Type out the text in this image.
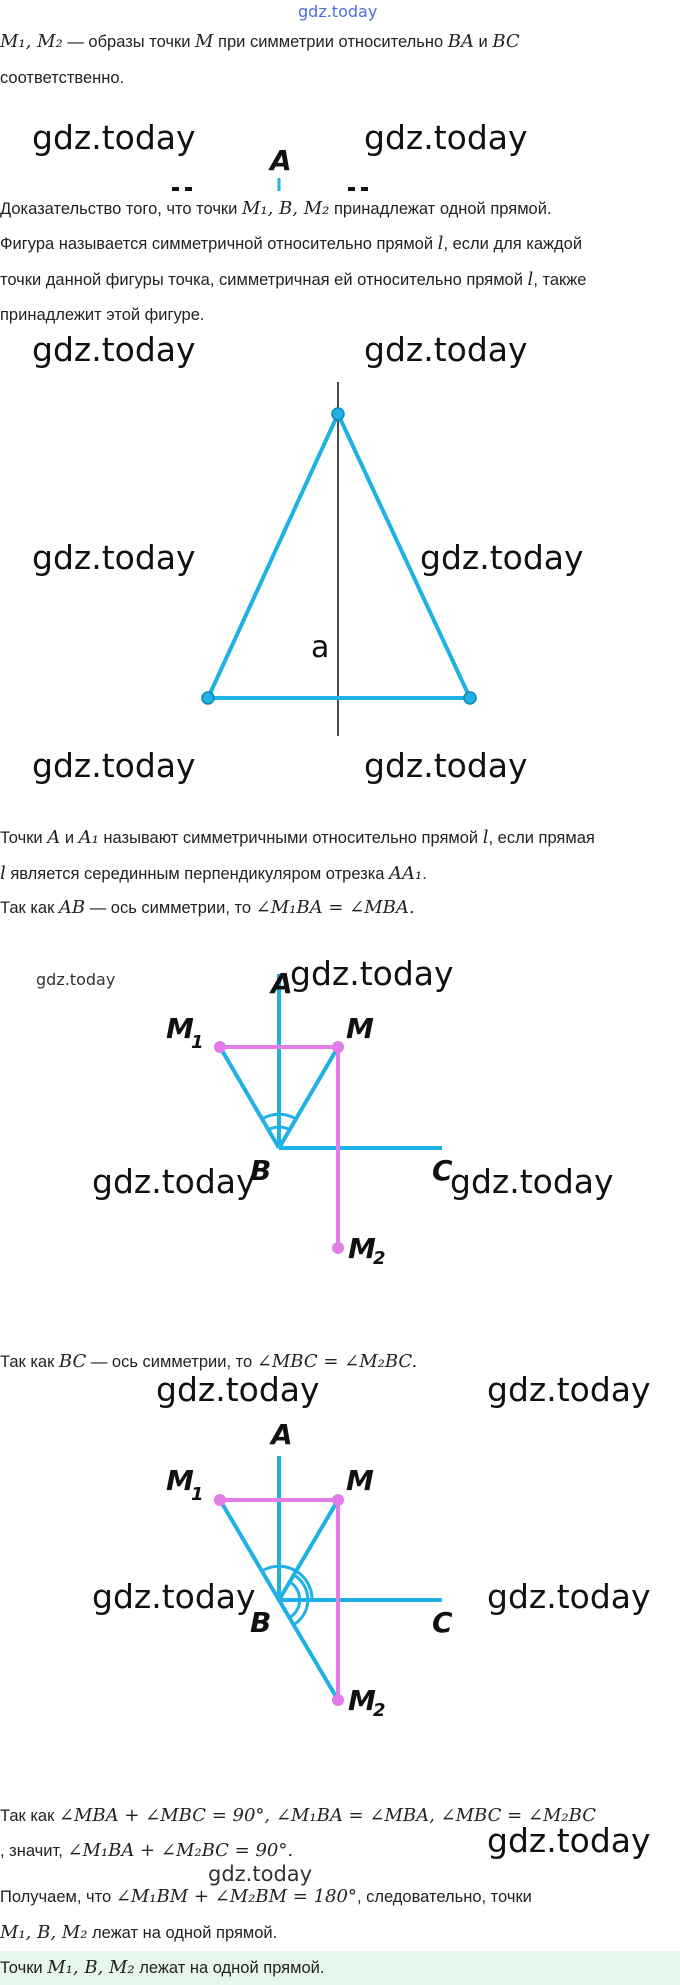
gdz.today
M₁, M₂ — образы точки M при симметрии относительно BA и BC
соответственно.
gdz.today	gdz.today
A
Доказательство того, что точки M₁, B, M₂ принадлежат одной прямой.
Фигура называется симметричной относительно прямой l, если для каждой
точки данной фигуры точка, симметричная ей относительно прямой l, также
принадлежит этой фигуре.
gdz.today	gdz.today
gdz.today	gdz.today
gdz.today	gdz.today
a
Точки A и A₁ называют симметричными относительно прямой l, если прямая
l является серединным перпендикуляром отрезка AA₁.
Так как AB — ось симметрии, то ∠M₁BA = ∠MBA.
gdz.today	gdz.today
gdz.today	gdz.today
A
M
1	M
B	C
M
2
Так как BC — ось симметрии, то ∠MBC = ∠M₂BC.
gdz.today	gdz.today
gdz.today	gdz.today
A
M
1	M
B	C
M
2
Так как ∠MBA + ∠MBC = 90°, ∠M₁BA = ∠MBA, ∠MBC = ∠M₂BC
, значит, ∠M₁BA + ∠M₂BC = 90°.	gdz.today
gdz.today
Получаем, что ∠M₁BM + ∠M₂BM = 180°, следовательно, точки
M₁, B, M₂ лежат на одной прямой.
Точки M₁, B, M₂ лежат на одной прямой.
